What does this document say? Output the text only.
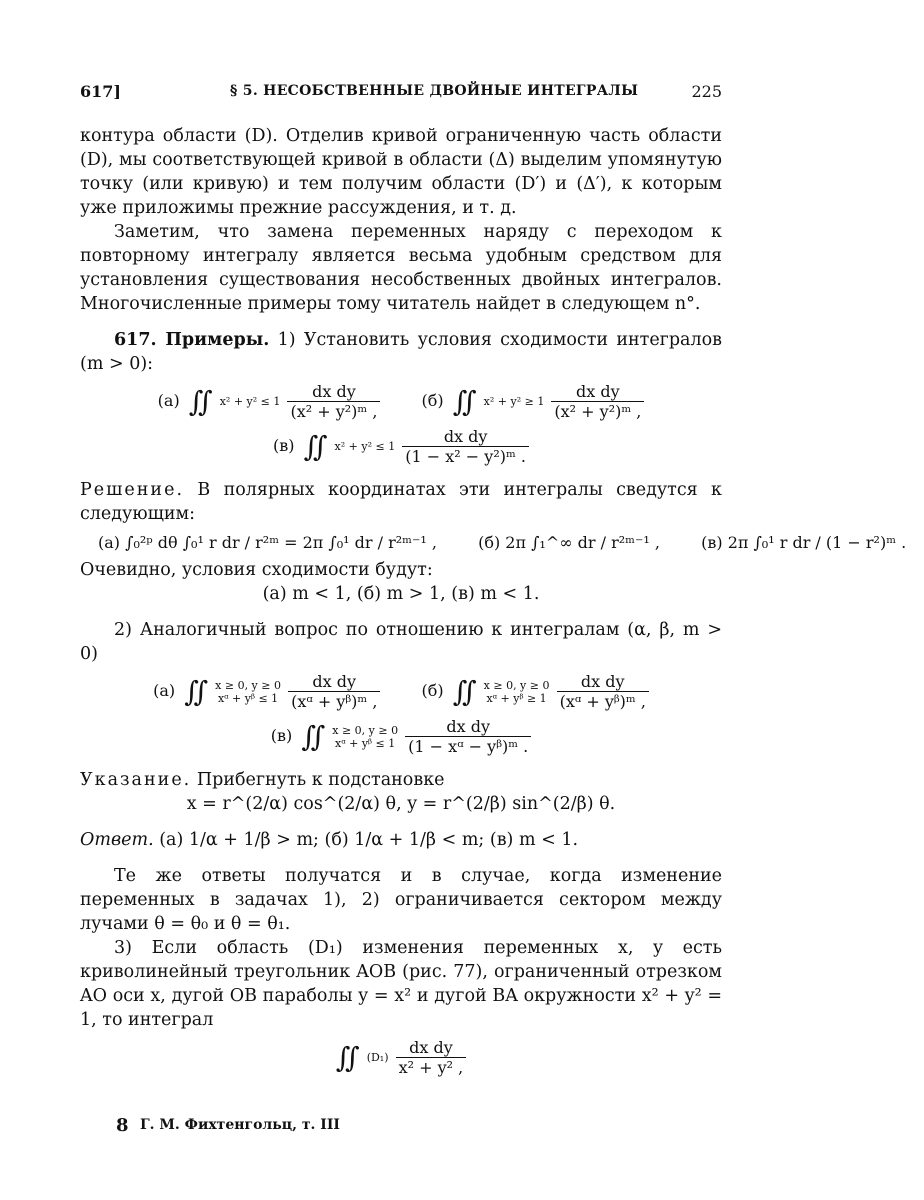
617]	§ 5. НЕСОБСТВЕННЫЕ ДВОЙНЫЕ ИНТЕГРАЛЫ	225

контура области (D). Отделив кривой ограниченную часть области (D), мы соответствующей кривой в области (Δ) выделим упомянутую точку (или кривую) и тем получим области (D′) и (Δ′), к которым уже приложимы прежние рассуждения, и т. д.

Заметим, что замена переменных наряду с переходом к повторному интегралу является весьма удобным средством для установления существования несобственных двойных интегралов. Многочисленные примеры тому читатель найдет в следующем n°.

617. Примеры. 1) Установить условия сходимости интегралов (m > 0):

(а) ∬ $x^2 + y^2 \le 1 \frac{\text{dx dy}}{\text{(x² + y²)ᵐ ,}}$	(б) ∬ $x^2 + y^2 \ge 1 \frac{\text{dx dy}}{\text{(x² + y²)ᵐ ,}}$
(в) ∬ $x^2 + y^2 \le 1 \frac{\text{dx dy}}{\text{(1 − x² − y²)ᵐ .}}$

Решение. В полярных координатах эти интегралы сведутся к следующим:

(а) ∫₀²ᵖ dθ ∫₀¹ r dr / r²ᵐ = 2π ∫₀¹ dr / r²ᵐ⁻¹ ,	(б) 2π ∫₁^∞ dr / r²ᵐ⁻¹ ,	(в) 2π ∫₀¹ r dr / (1 − r²)ᵐ .

Очевидно, условия сходимости будут:

(а) m < 1, (б) m > 1, (в) m < 1.

2) Аналогичный вопрос по отношению к интегралам (α, β, m > 0)

(а) ∬ x ≥ 0, y ≥ 0
xᵅ + yᵝ ≤ $1 \frac{\text{dx dy}}{\text{(xᵅ + yᵝ)ᵐ ,}}$	(б) ∬ x ≥ 0, y ≥ 0
xᵅ + yᵝ ≥ $1 \frac{\text{dx dy}}{\text{(xᵅ + yᵝ)ᵐ ,}}$
(в) ∬ x ≥ 0, y ≥ 0
xᵅ + yᵝ ≤ $1 \frac{\text{dx dy}}{\text{(1 − xᵅ − yᵝ)ᵐ .}}$

Указание. Прибегнуть к подстановке

x = r^(2/α) cos^(2/α) θ, y = r^(2/β) sin^(2/β) θ.

Ответ. (а) 1/α + 1/β > m; (б) 1/α + 1/β < m; (в) m < 1.

Те же ответы получатся и в случае, когда изменение переменных в задачах 1), 2) ограничивается сектором между лучами θ = θ₀ и θ = θ₁.

3) Если область (D₁) изменения переменных x, y есть криволинейный треугольник AOB (рис. 77), ограниченный отрезком AO оси x, дугой OB параболы y = x² и дугой BA окружности x² + y² = 1, то интеграл

∬ $(D_1) \frac{\text{dx dy}}{\text{x² + y² ,}}$
8 Г. М. Фихтенгольц, т. III
